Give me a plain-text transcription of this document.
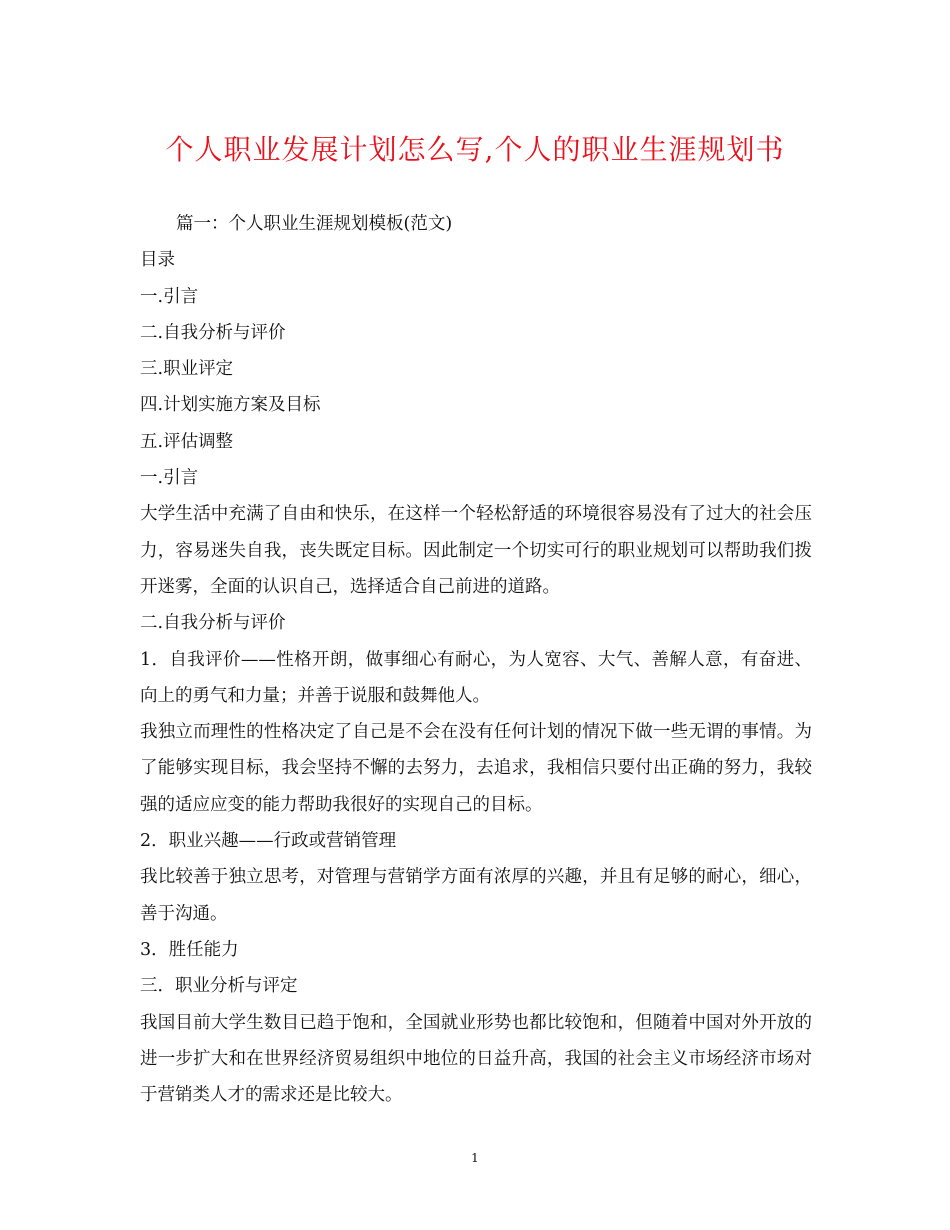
个人职业发展计划怎么写,个人的职业生涯规划书

篇一：个人职业生涯规划模板(范文)

目录

一.引言

二.自我分析与评价

三.职业评定

四.计划实施方案及目标

五.评估调整

一.引言

大学生活中充满了自由和快乐，在这样一个轻松舒适的环境很容易没有了过大的社会压力，容易迷失自我，丧失既定目标。因此制定一个切实可行的职业规划可以帮助我们拨开迷雾，全面的认识自己，选择适合自己前进的道路。

二.自我分析与评价

1．自我评价——性格开朗，做事细心有耐心，为人宽容、大气、善解人意，有奋进、向上的勇气和力量；并善于说服和鼓舞他人。

我独立而理性的性格决定了自己是不会在没有任何计划的情况下做一些无谓的事情。为了能够实现目标，我会坚持不懈的去努力，去追求，我相信只要付出正确的努力，我较强的适应应变的能力帮助我很好的实现自己的目标。

2．职业兴趣——行政或营销管理

我比较善于独立思考，对管理与营销学方面有浓厚的兴趣，并且有足够的耐心，细心，善于沟通。

3．胜任能力

三．职业分析与评定

我国目前大学生数目已趋于饱和，全国就业形势也都比较饱和，但随着中国对外开放的进一步扩大和在世界经济贸易组织中地位的日益升高，我国的社会主义市场经济市场对于营销类人才的需求还是比较大。

1
